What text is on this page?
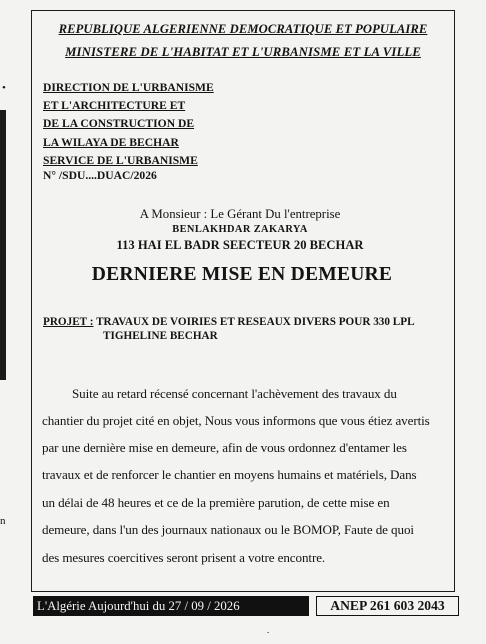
•
n
REPUBLIQUE ALGERIENNE DEMOCRATIQUE ET POPULAIRE
MINISTERE DE L'HABITAT ET L'URBANISME ET LA VILLE
DIRECTION DE L'URBANISME
ET L'ARCHITECTURE ET
DE LA CONSTRUCTION DE
LA WILAYA DE BECHAR
SERVICE DE L'URBANISME
N° /SDU....DUAC/2026
A Monsieur : Le Gérant Du l'entreprise
BENLAKHDAR ZAKARYA
113 HAI EL BADR SEECTEUR 20 BECHAR
DERNIERE MISE EN DEMEURE
PROJET : TRAVAUX DE VOIRIES ET RESEAUX DIVERS POUR 330 LPL
TIGHELINE BECHAR
Suite au retard récensé concernant l'achèvement des travaux du
chantier du projet cité en objet, Nous vous informons que vous étiez avertis
par une dernière mise en demeure, afin de vous ordonnez d'entamer les
travaux et de renforcer le chantier en moyens humains et matériels, Dans
un délai de 48 heures et ce de la première parution, de cette mise en
demeure, dans l'un des journaux nationaux ou le BOMOP, Faute de quoi
des mesures coercitives seront prisent a votre encontre.
L'Algérie Aujourd'hui du 27 / 09 / 2026	ANEP 261 603 2043
.
